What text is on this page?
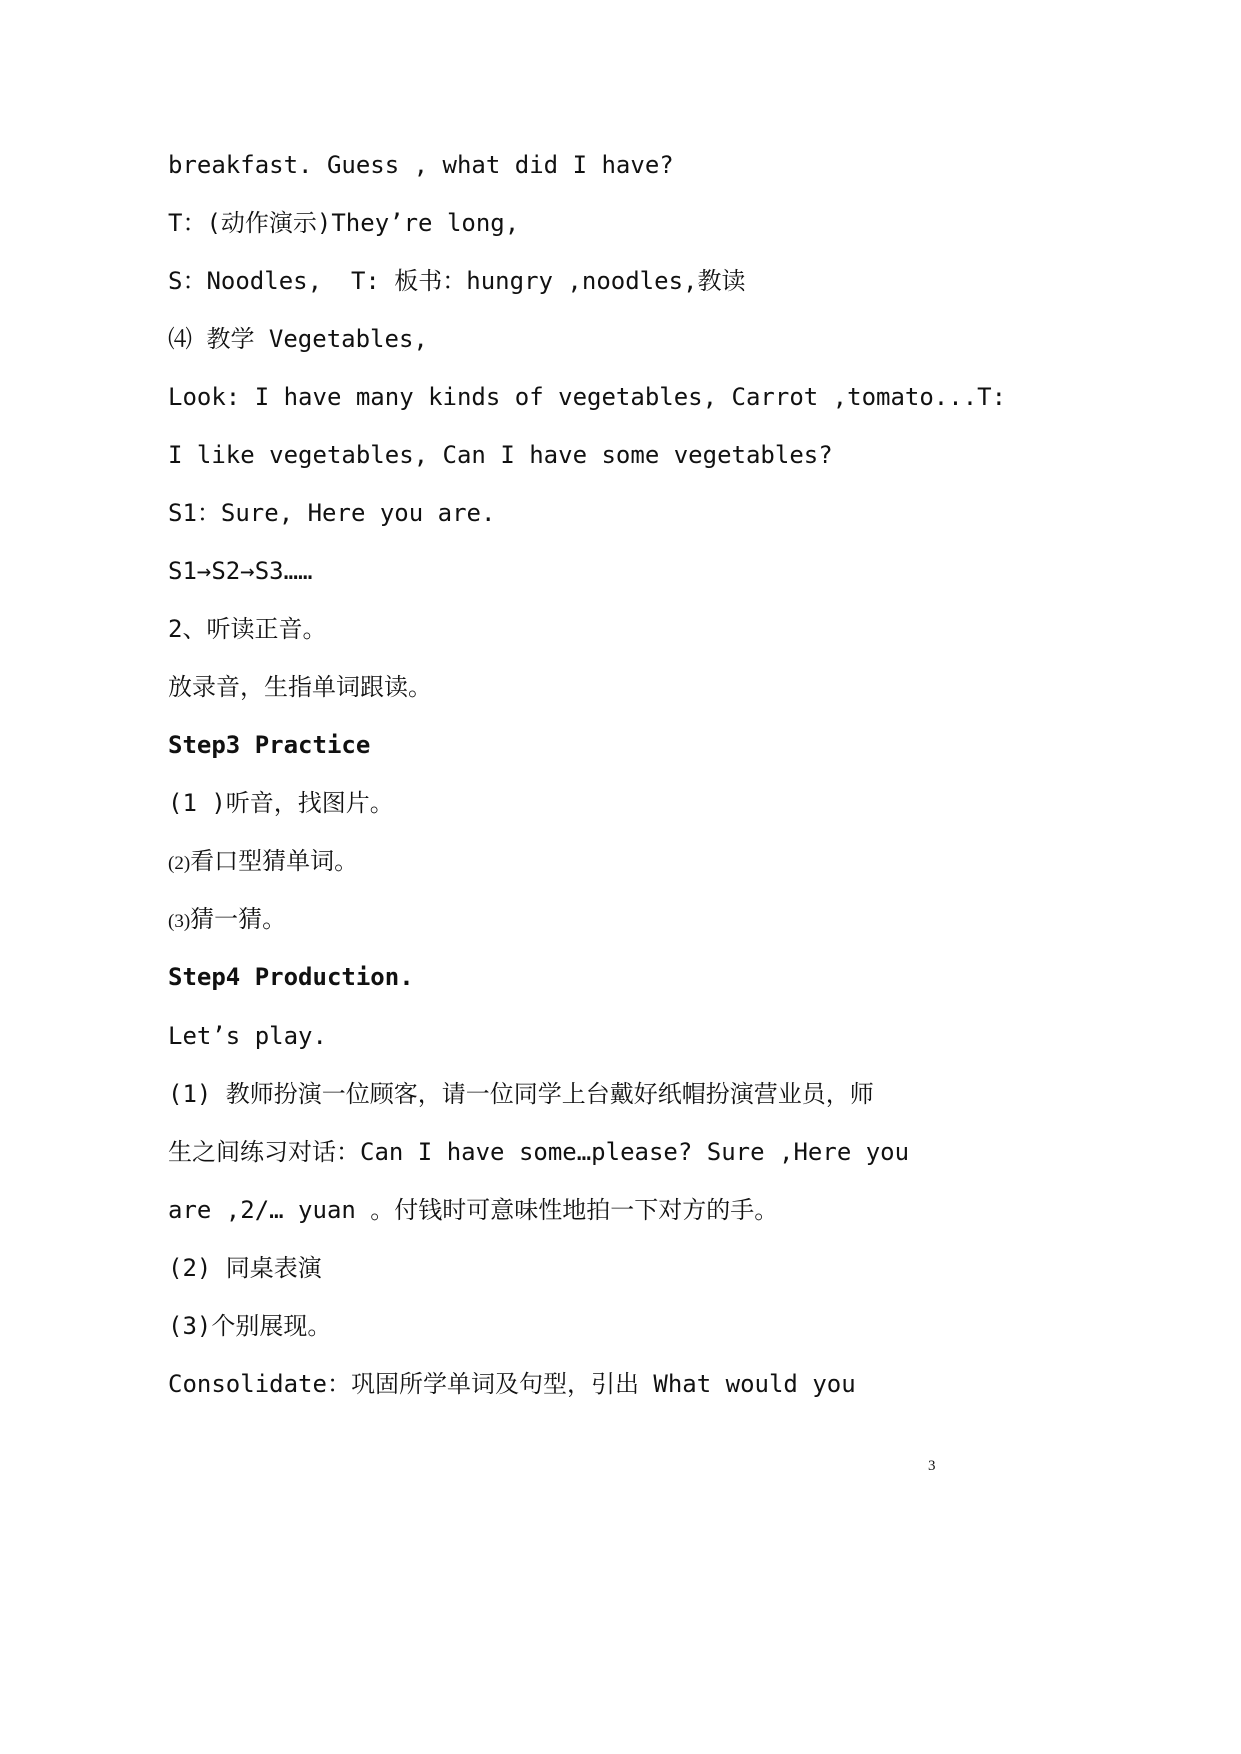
breakfast. Guess , what did I have?
T：(动作演示)They’re long,
S：Noodles,  T: 板书：hungry ,noodles,教读
⑷ 教学 Vegetables,
Look: I have many kinds of vegetables, Carrot ,tomato...T:
I like vegetables, Can I have some vegetables?
S1：Sure, Here you are.
S1→S2→S3……
2、听读正音。
放录音，生指单词跟读。
Step3 Practice
(1 )听音，找图片。
(2)看口型猜单词。
(3)猜一猜。
Step4 Production.
Let’s play.
(1) 教师扮演一位顾客，请一位同学上台戴好纸帽扮演营业员，师
生之间练习对话：Can I have some…please? Sure ,Here you
are ,2/… yuan 。付钱时可意味性地拍一下对方的手。
(2) 同桌表演
(3)个别展现。
Consolidate：巩固所学单词及句型，引出 What would you
3
